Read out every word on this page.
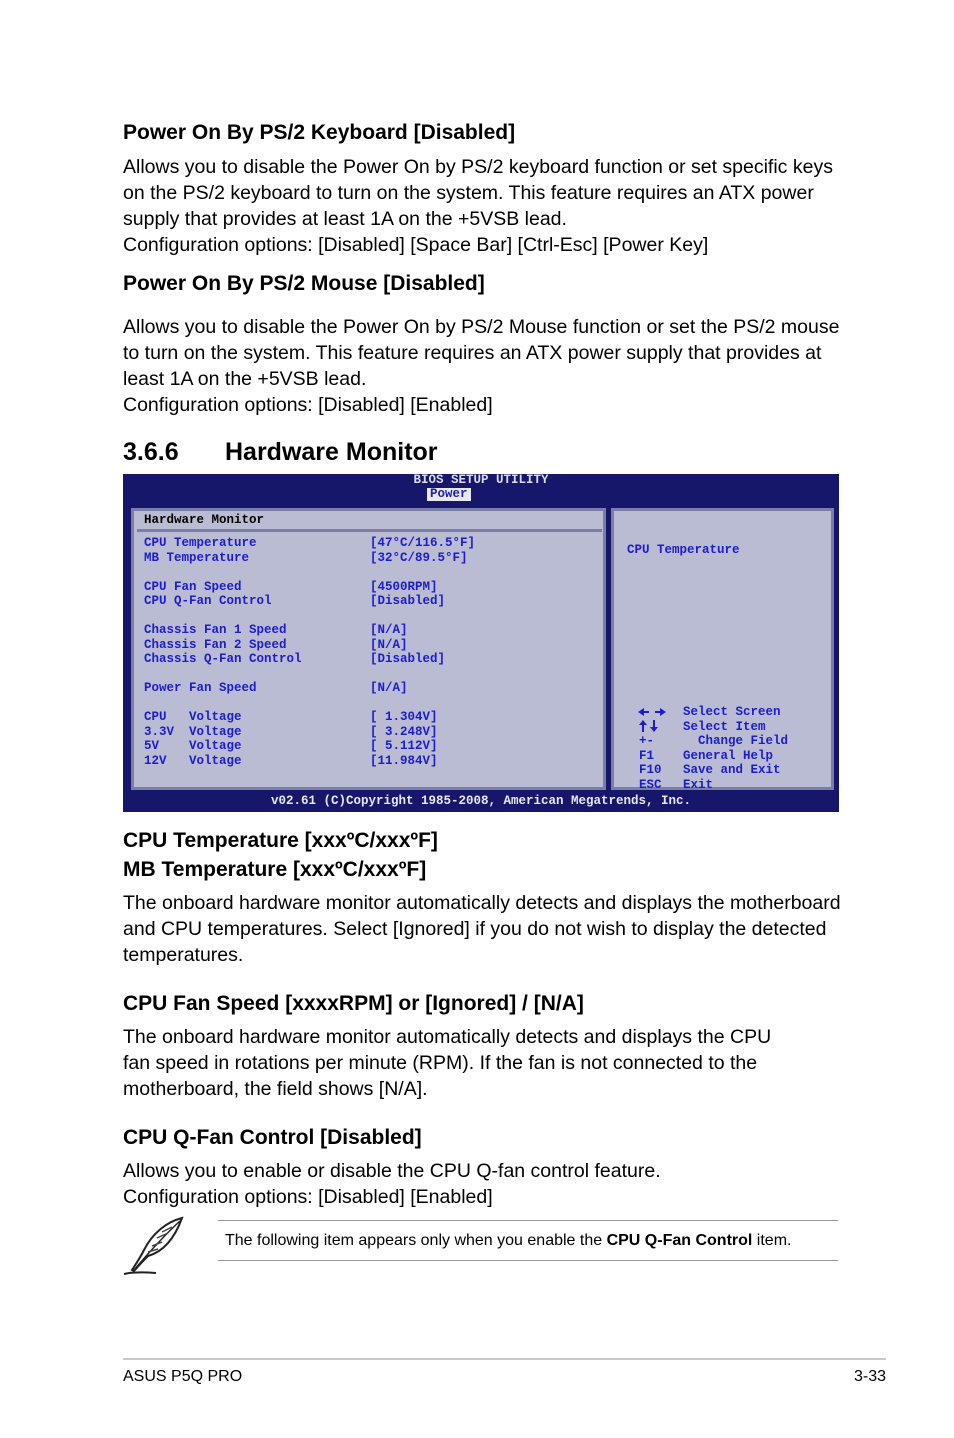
Power On By PS/2 Keyboard [Disabled]
Allows you to disable the Power On by PS/2 keyboard function or set specific keys
on the PS/2 keyboard to turn on the system. This feature requires an ATX power
supply that provides at least 1A on the +5VSB lead.
Configuration options: [Disabled] [Space Bar] [Ctrl-Esc] [Power Key]
Power On By PS/2 Mouse [Disabled]
Allows you to disable the Power On by PS/2 Mouse function or set the PS/2 mouse
to turn on the system. This feature requires an ATX power supply that provides at
least 1A on the +5VSB lead.
Configuration options: [Disabled] [Enabled]
3.6.6 Hardware Monitor
BIOS SETUP UTILITY
Power
Hardware Monitor
CPU Temperature	[47°C/116.5°F]
MB Temperature	[32°C/89.5°F]
CPU Fan Speed	[4500RPM]
CPU Q-Fan Control	[Disabled]
Chassis Fan 1 Speed	[N/A]
Chassis Fan 2 Speed	[N/A]
Chassis Q-Fan Control	[Disabled]
Power Fan Speed	[N/A]
CPU   Voltage	[ 1.304V]
3.3V  Voltage	[ 3.248V]
5V    Voltage	[ 5.112V]
12V   Voltage	[11.984V]
CPU Temperature
Select Screen
Select Item
+- Change Field
F1 General Help
F10 Save and Exit
ESC Exit
v02.61 (C)Copyright 1985-2008, American Megatrends, Inc.
CPU Temperature [xxxºC/xxxºF]
MB Temperature [xxxºC/xxxºF]
The onboard hardware monitor automatically detects and displays the motherboard
and CPU temperatures. Select [Ignored] if you do not wish to display the detected
temperatures.
CPU Fan Speed [xxxxRPM] or [Ignored] / [N/A]
The onboard hardware monitor automatically detects and displays the CPU
fan speed in rotations per minute (RPM). If the fan is not connected to the
motherboard, the field shows [N/A].
CPU Q-Fan Control [Disabled]
Allows you to enable or disable the CPU Q-fan control feature.
Configuration options: [Disabled] [Enabled]
The following item appears only when you enable the CPU Q-Fan Control item.
ASUS P5Q PRO	3-33
